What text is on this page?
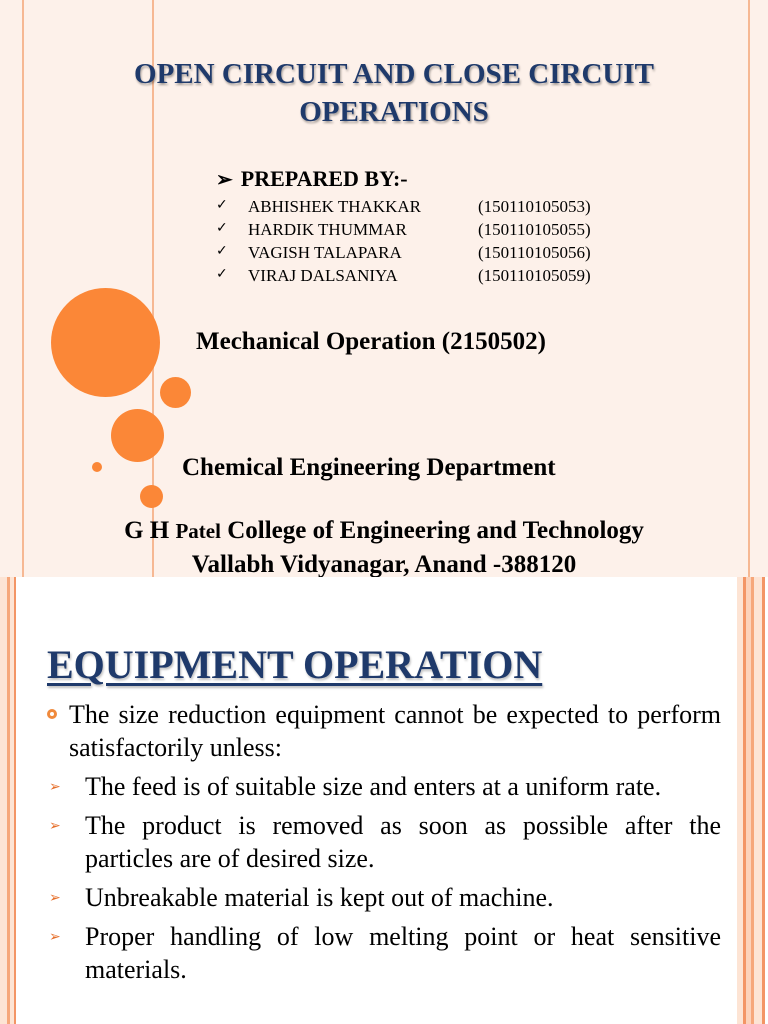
OPEN CIRCUIT AND CLOSE CIRCUIT OPERATIONS
➢ PREPARED BY:-
✓ ABHISHEK THAKKAR	(150110105053)
✓ HARDIK THUMMAR	(150110105055)
✓ VAGISH TALAPARA	(150110105056)
✓ VIRAJ DALSANIYA	(150110105059)
Mechanical Operation (2150502)
Chemical Engineering Department
G H Patel College of Engineering and Technology
Vallabh Vidyanagar, Anand -388120
EQUIPMENT OPERATION
The size reduction equipment cannot be expected to perform satisfactorily unless:
➢ The feed is of suitable size and enters at a uniform rate.
➢ The product is removed as soon as possible after the particles are of desired size.
➢ Unbreakable material is kept out of machine.
➢ Proper handling of low melting point or heat sensitive materials.
